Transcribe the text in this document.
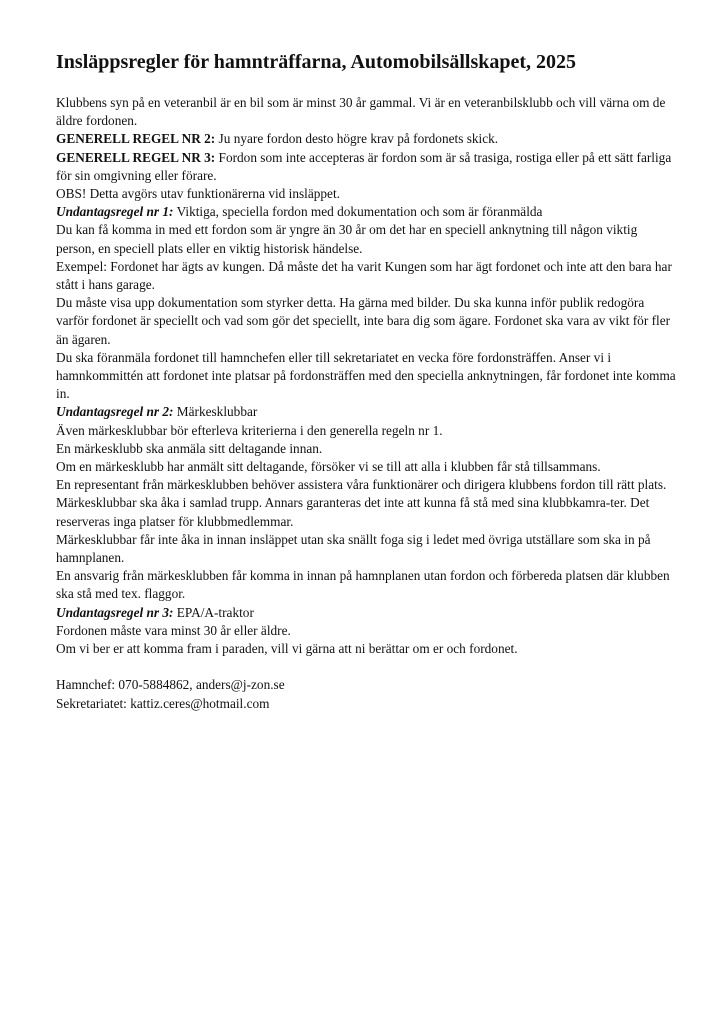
Insläppsregler för hamnträffarna, Automobilsällskapet, 2025

Klubbens syn på en veteranbil är en bil som är minst 30 år gammal. Vi är en veteranbilsklubb och vill värna om de äldre fordonen.

GENERELL REGEL NR 2: Ju nyare fordon desto högre krav på fordonets skick.

GENERELL REGEL NR 3: Fordon som inte accepteras är fordon som är så trasiga, rostiga eller på ett sätt farliga för sin omgivning eller förare.

OBS! Detta avgörs utav funktionärerna vid insläppet.

Undantagsregel nr 1: Viktiga, speciella fordon med dokumentation och som är föranmälda

Du kan få komma in med ett fordon som är yngre än 30 år om det har en speciell anknytning till någon viktig person, en speciell plats eller en viktig historisk händelse.

Exempel: Fordonet har ägts av kungen. Då måste det ha varit Kungen som har ägt fordonet och inte att den bara har stått i hans garage.

Du måste visa upp dokumentation som styrker detta. Ha gärna med bilder. Du ska kunna inför publik redogöra varför fordonet är speciellt och vad som gör det speciellt, inte bara dig som ägare. Fordonet ska vara av vikt för fler än ägaren.

Du ska föranmäla fordonet till hamnchefen eller till sekretariatet en vecka före fordonsträffen. Anser vi i hamnkommittén att fordonet inte platsar på fordonsträffen med den speciella anknytningen, får fordonet inte komma in.

Undantagsregel nr 2: Märkesklubbar

Även märkesklubbar bör efterleva kriterierna i den generella regeln nr 1.

En märkesklubb ska anmäla sitt deltagande innan.

Om en märkesklubb har anmält sitt deltagande, försöker vi se till att alla i klubben får stå tillsammans.

En representant från märkesklubben behöver assistera våra funktionärer och dirigera klubbens fordon till rätt plats.

Märkesklubbar ska åka i samlad trupp. Annars garanteras det inte att kunna få stå med sina klubbkamra-ter. Det reserveras inga platser för klubbmedlemmar.

Märkesklubbar får inte åka in innan insläppet utan ska snällt foga sig i ledet med övriga utställare som ska in på hamnplanen.

En ansvarig från märkesklubben får komma in innan på hamnplanen utan fordon och förbereda platsen där klubben ska stå med tex. flaggor.

Undantagsregel nr 3: EPA/A-traktor

Fordonen måste vara minst 30 år eller äldre.

Om vi ber er att komma fram i paraden, vill vi gärna att ni berättar om er och fordonet.

Hamnchef: 070-5884862, anders@j-zon.se

Sekretariatet: kattiz.ceres@hotmail.com
